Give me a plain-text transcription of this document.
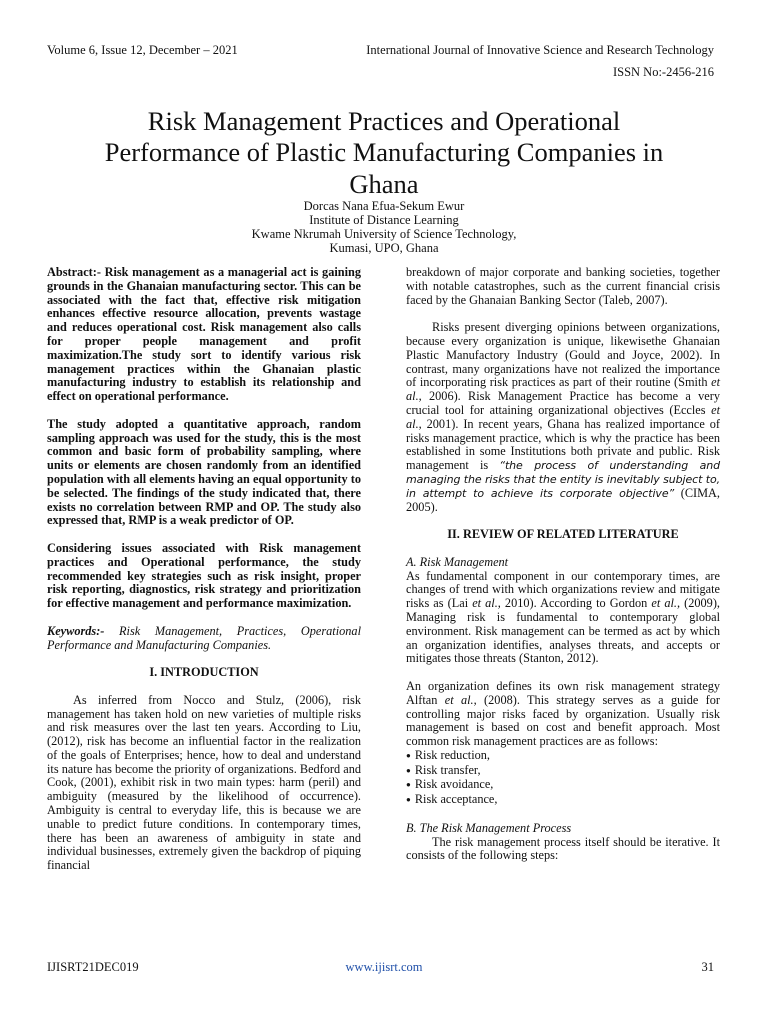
Volume 6, Issue 12, December – 2021	International Journal of Innovative Science and Research Technology
ISSN No:-2456-216
Risk Management Practices and Operational Performance of Plastic Manufacturing Companies in Ghana
Dorcas Nana Efua-Sekum Ewur
Institute of Distance Learning
Kwame Nkrumah University of Science Technology,
Kumasi, UPO, Ghana

Abstract:- Risk management as a managerial act is gaining grounds in the Ghanaian manufacturing sector. This can be associated with the fact that, effective risk mitigation enhances effective resource allocation, prevents wastage and reduces operational cost. Risk management also calls for proper people management and profit maximization.The study sort to identify various risk management practices within the Ghanaian plastic manufacturing industry to establish its relationship and effect on operational performance.

The study adopted a quantitative approach, random sampling approach was used for the study, this is the most common and basic form of probability sampling, where units or elements are chosen randomly from an identified population with all elements having an equal opportunity to be selected. The findings of the study indicated that, there exists no correlation between RMP and OP. The study also expressed that, RMP is a weak predictor of OP.

Considering issues associated with Risk management practices and Operational performance, the study recommended key strategies such as risk insight, proper risk reporting, diagnostics, risk strategy and prioritization for effective management and performance maximization.

Keywords:- Risk Management, Practices, Operational Performance and Manufacturing Companies.

I. INTRODUCTION

As inferred from Nocco and Stulz, (2006), risk management has taken hold on new varieties of multiple risks and risk measures over the last ten years. According to Liu, (2012), risk has become an influential factor in the realization of the goals of Enterprises; hence, how to deal and understand its nature has become the priority of organizations. Bedford and Cook, (2001), exhibit risk in two main types: harm (peril) and ambiguity (measured by the likelihood of occurrence). Ambiguity is central to everyday life, this is because we are unable to predict future conditions. In contemporary times, there has been an awareness of ambiguity in state and individual businesses, extremely given the backdrop of piquing financial

breakdown of major corporate and banking societies, together with notable catastrophes, such as the current financial crisis faced by the Ghanaian Banking Sector (Taleb, 2007).

Risks present diverging opinions between organizations, because every organization is unique, likewisethe Ghanaian Plastic Manufactory Industry (Gould and Joyce, 2002). In contrast, many organizations have not realized the importance of incorporating risk practices as part of their routine (Smith et al., 2006). Risk Management Practice has become a very crucial tool for attaining organizational objectives (Eccles et al., 2001). In recent years, Ghana has realized importance of risks management practice, which is why the practice has been established in some Institutions both private and public. Risk management is “the process of understanding and managing the risks that the entity is inevitably subject to, in attempt to achieve its corporate objective” (CIMA, 2005).

II. REVIEW OF RELATED LITERATURE
A. Risk Management

As fundamental component in our contemporary times, are changes of trend with which organizations review and mitigate risks as (Lai et al., 2010). According to Gordon et al., (2009), Managing risk is fundamental to contemporary global environment. Risk management can be termed as act by which an organization identifies, analyses threats, and accepts or mitigates those threats (Stanton, 2012).

An organization defines its own risk management strategy Alftan et al., (2008). This strategy serves as a guide for controlling major risks faced by organization. Usually risk management is based on cost and benefit approach. Most common risk management practices are as follows:

● Risk reduction,
● Risk transfer,
● Risk avoidance,
● Risk acceptance,
B. The Risk Management Process

The risk management process itself should be iterative. It consists of the following steps:

IJISRT21DEC019	www.ijisrt.com	31
